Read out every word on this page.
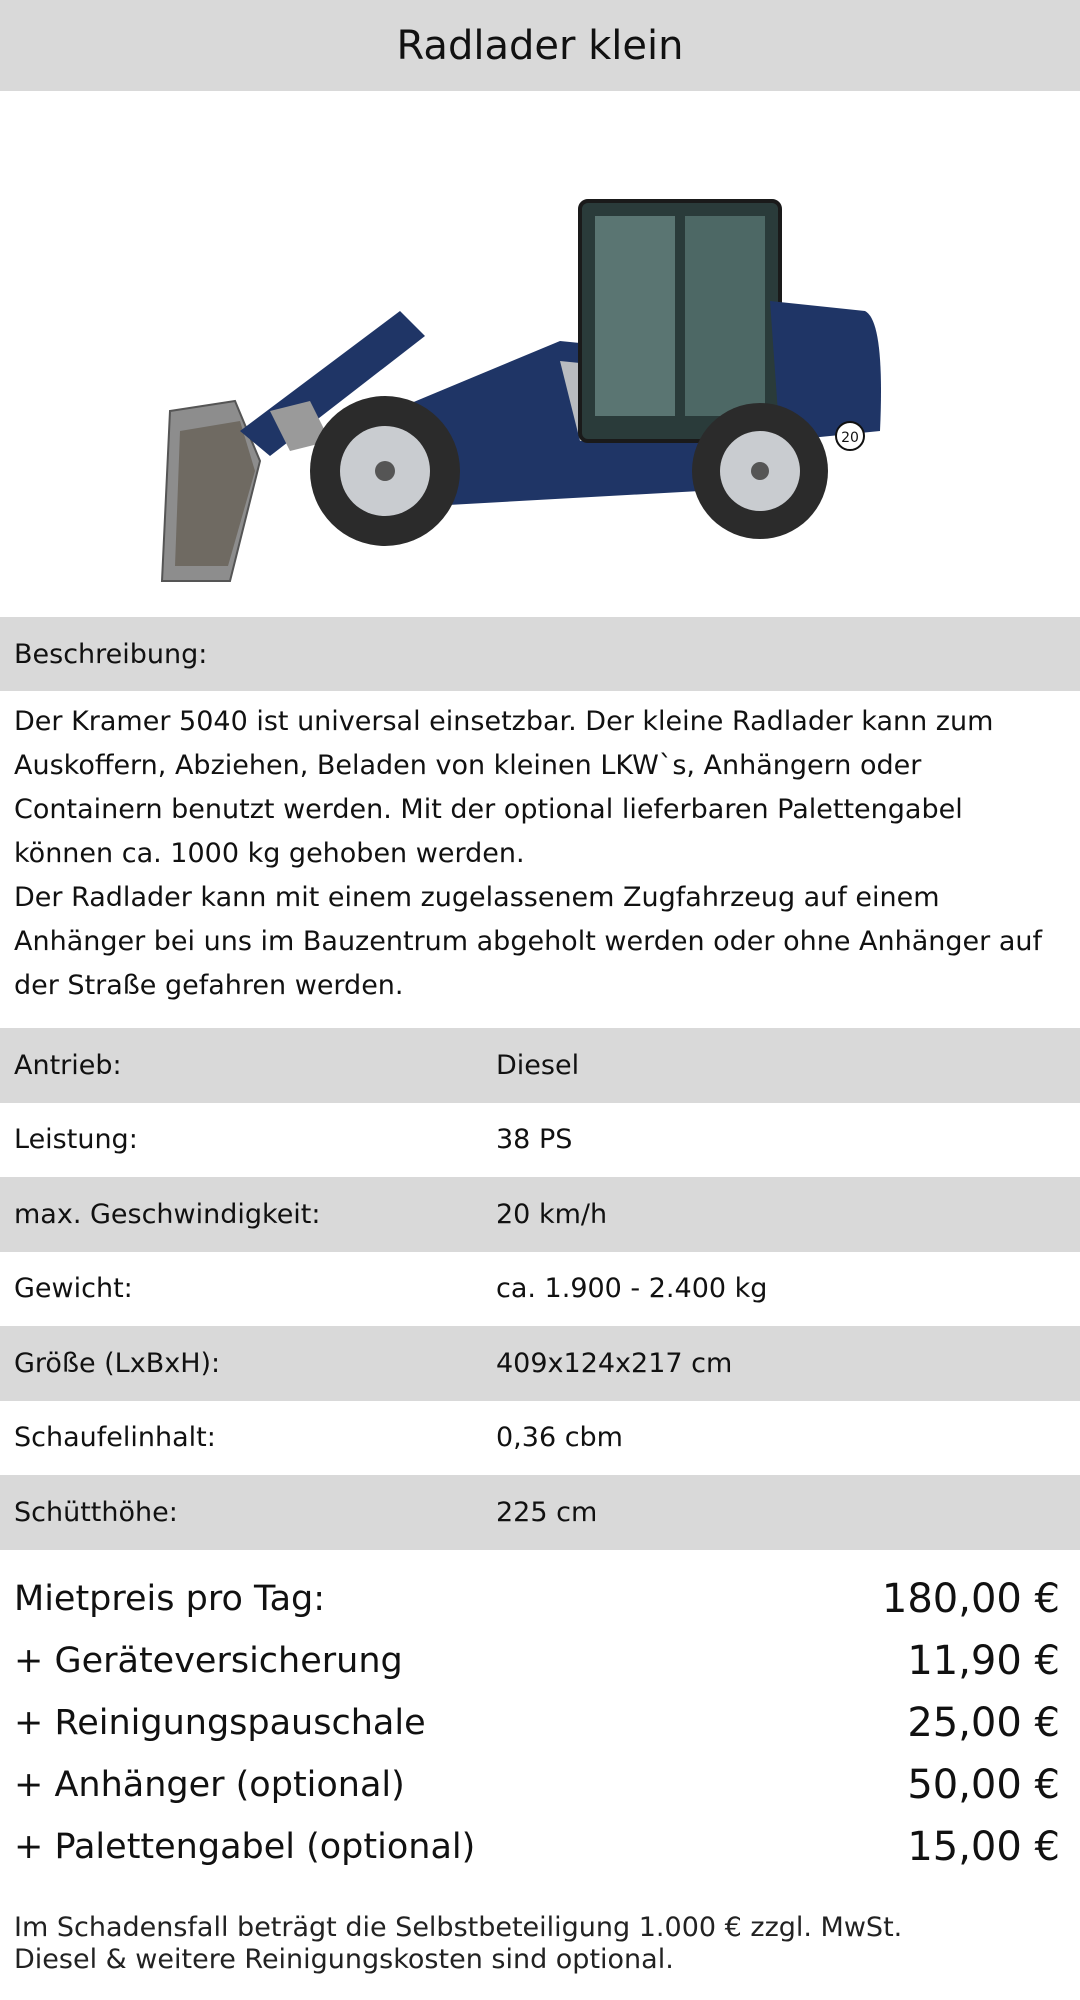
Radlader klein
20
Sandbeck
Beschreibung:

Der Kramer 5040 ist universal einsetzbar. Der kleine Radlader kann zum Auskoffern, Abziehen, Beladen von kleinen LKW`s, Anhängern oder Containern benutzt werden. Mit der optional lieferbaren Palettengabel können ca. 1000 kg gehoben werden.

Der Radlader kann mit einem zugelassenem Zugfahrzeug auf einem Anhänger bei uns im Bauzentrum abgeholt werden oder ohne Anhänger auf der Straße gefahren werden.

Antrieb:	Diesel
Leistung:	38 PS
max. Geschwindigkeit:	20 km/h
Gewicht:	ca. 1.900 - 2.400 kg
Größe (LxBxH):	409x124x217 cm
Schaufelinhalt:	0,36 cbm
Schütthöhe:	225 cm
Mietpreis pro Tag:	180,00 €
+ Geräteversicherung	11,90 €
+ Reinigungspauschale	25,00 €
+ Anhänger (optional)	50,00 €
+ Palettengabel (optional)	15,00 €

Im Schadensfall beträgt die Selbstbeteiligung 1.000 € zzgl. MwSt.

Diesel & weitere Reinigungskosten sind optional.
